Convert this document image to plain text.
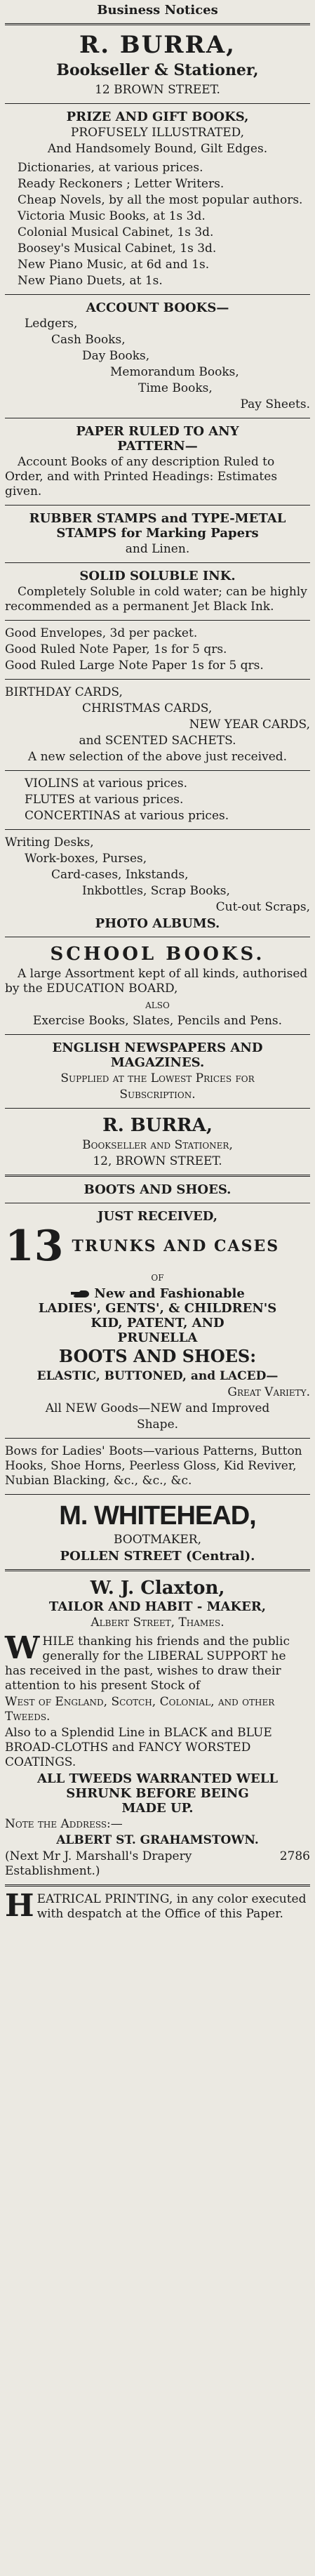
Business Notices
R. BURRA,
Bookseller & Stationer,
12 BROWN STREET.
PRIZE AND GIFT BOOKS,
PROFUSELY ILLUSTRATED,
And Handsomely Bound, Gilt Edges.
Dictionaries, at various prices.
Ready Reckoners ; Letter Writers.
Cheap Novels, by all the most popular authors.
Victoria Music Books, at 1s 3d.
Colonial Musical Cabinet, 1s 3d.
Boosey's Musical Cabinet, 1s 3d.
New Piano Music, at 6d and 1s.
New Piano Duets, at 1s.
ACCOUNT BOOKS—
Ledgers,
Cash Books,
Day Books,
Memorandum Books,
Time Books,
Pay Sheets.
PAPER RULED TO ANY
PATTERN—
Account Books of any description Ruled to Order, and with Printed Headings: Estimates given.
RUBBER STAMPS and TYPE-METAL
STAMPS for Marking Papers
and Linen.
SOLID SOLUBLE INK.
Completely Soluble in cold water; can be highly recommended as a permanent Jet Black Ink.
Good Envelopes, 3d per packet.
Good Ruled Note Paper, 1s for 5 qrs.
Good Ruled Large Note Paper 1s for 5 qrs.
BIRTHDAY CARDS,
CHRISTMAS CARDS,
NEW YEAR CARDS,
and SCENTED SACHETS.
A new selection of the above just received.
VIOLINS at various prices.
FLUTES at various prices.
CONCERTINAS at various prices.
Writing Desks,
Work-boxes, Purses,
Card-cases, Inkstands,
Inkbottles, Scrap Books,
Cut-out Scraps,
PHOTO ALBUMS.
SCHOOL BOOKS.
A large Assortment kept of all kinds, authorised by the EDUCATION BOARD,
also
Exercise Books, Slates, Pencils and Pens.
ENGLISH NEWSPAPERS AND
MAGAZINES.
Supplied at the Lowest Prices for
Subscription.
R. BURRA,
Bookseller and Stationer,
12, BROWN STREET.
BOOTS AND SHOES.
JUST RECEIVED,
13 TRUNKS AND CASES
of
New and Fashionable
LADIES', GENTS', & CHILDREN'S
KID, PATENT, AND
PRUNELLA
BOOTS AND SHOES:
ELASTIC, BUTTONED, and LACED—
Great Variety.
All NEW Goods—NEW and Improved
Shape.
Bows for Ladies' Boots—various Patterns, Button Hooks, Shoe Horns, Peerless Gloss, Kid Reviver, Nubian Blacking, &c., &c., &c.
M. WHITEHEAD,
BOOTMAKER,
POLLEN STREET (Central).
W. J. Claxton,
TAILOR AND HABIT - MAKER,
Albert Street, Thames.
W HILE thanking his friends and the public generally for the LIBERAL SUPPORT he has received in the past, wishes to draw their attention to his present Stock of
West of England, Scotch, Colonial, and other Tweeds.
Also to a Splendid Line in BLACK and BLUE BROAD-CLOTHS and FANCY WORSTED COATINGS.
ALL TWEEDS WARRANTED WELL
SHRUNK BEFORE BEING
MADE UP.
Note the Address:—
ALBERT ST. GRAHAMSTOWN.
(Next Mr J. Marshall's Drapery Establishment.)
2786
H EATRICAL PRINTING, in any color executed with despatch at the Office of this Paper.
